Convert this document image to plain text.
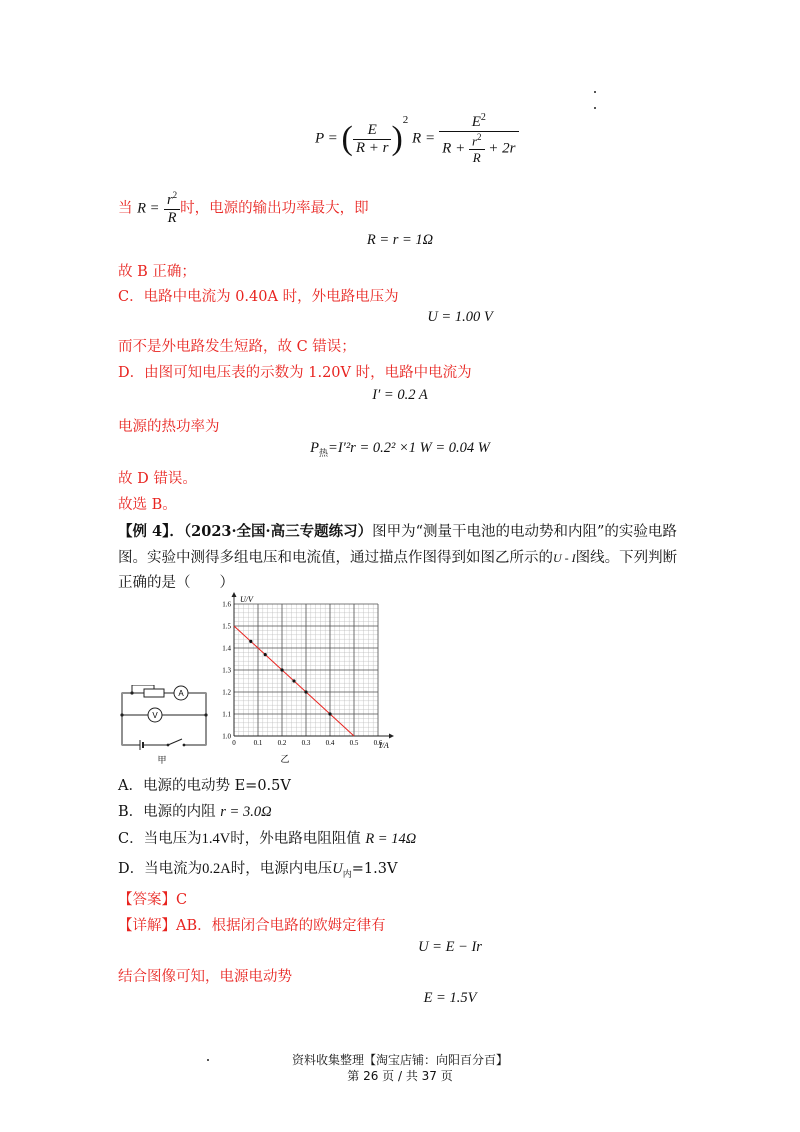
P = ( $\frac{E}{R + r} )^2$ $R = \frac{E^2}{R + \frac{r^2}{R} + 2r}$
当 $R = \frac{r^2}{R}$ 时，电源的输出功率最大，即
R = r = 1Ω
故 B 正确；
C．电路中电流为 0.40A 时，外电路电压为
U = 1.00 V
而不是外电路发生短路，故 C 错误；
D．由图可知电压表的示数为 1.20V 时，电路中电流为
I′ = 0.2 A
电源的热功率为
$P_热=I'^2r = 0.2^2 \times 1$ W = 0.04 W
故 D 错误。
故选 B。
【例 4】．（2023·全国·高三专题练习）图甲为“测量干电池的电动势和内阻”的实验电路
图。实验中测得多组电压和电流值，通过描点作图得到如图乙所示的U - I图线。下列判断
正确的是（　　）
A
V
甲
0	0.1 0.2 0.3 0.4 0.5 0.6
1.0
1.1
1.2
1.3
1.4
1.5
1.6
U/V
I/A
乙
A．电源的电动势 E=0.5V
B．电源的内阻 r = 3.0Ω
C．当电压为1.4V时，外电路电阻阻值 R = 14Ω
D．当电流为0.2A时，电源内电压$U_内=1.3V$
【答案】C
【详解】AB．根据闭合电路的欧姆定律有
U = E − Ir
结合图像可知，电源电动势
E = 1.5V
资料收集整理【淘宝店铺：向阳百分百】
第 26 页 / 共 37 页
